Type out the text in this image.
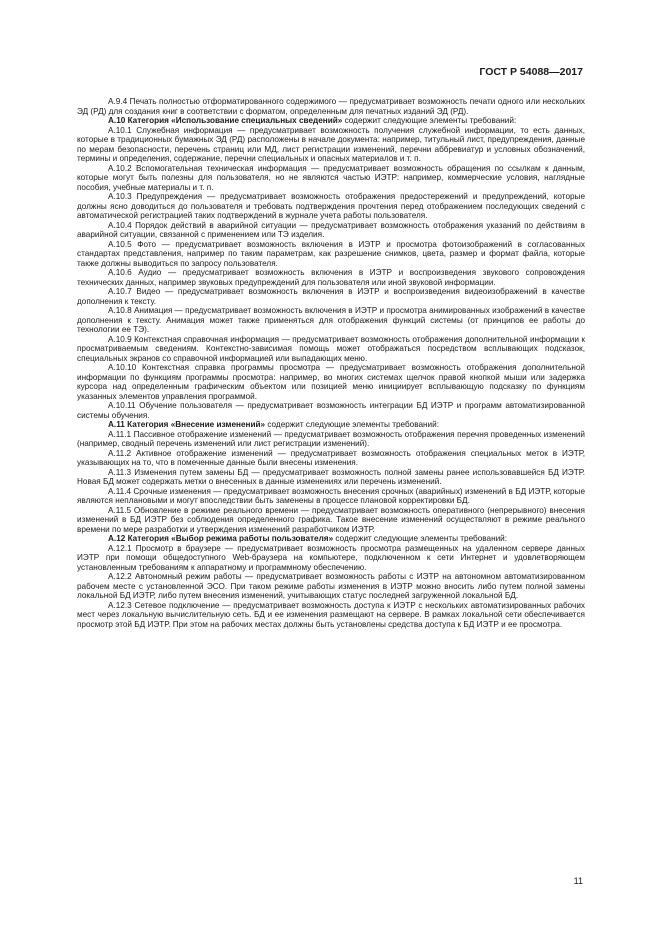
ГОСТ Р 54088—2017

А.9.4 Печать полностью отформатированного содержимого — предусматривает возможность печати одного или нескольких ЭД (РД) для создания книг в соответствии с форматом, определенным для печатных изданий ЭД (РД).

А.10 Категория «Использование специальных сведений» содержит следующие элементы требований:

А.10.1 Служебная информация — предусматривает возможность получения служебной информации, то есть данных, которые в традиционных бумажных ЭД (РД) расположены в начале документа: например, титульный лист, предупреждения, данные по мерам безопасности, перечень страниц или МД, лист регистрации изменений, перечни аббревиатур и условных обозначений, термины и определения, содержание, перечни специальных и опасных материалов и т. п.

А.10.2 Вспомогательная техническая информация — предусматривает возможность обращения по ссылкам к данным, которые могут быть полезны для пользователя, но не являются частью ИЭТР: например, коммерческие условия, наглядные пособия, учебные материалы и т. п.

А.10.3 Предупреждения — предусматривает возможность отображения предостережений и предупреждений, которые должны ясно доводиться до пользователя и требовать подтверждения прочтения перед отображением последующих сведений с автоматической регистрацией таких подтверждений в журнале учета работы пользователя.

А.10.4 Порядок действий в аварийной ситуации — предусматривает возможность отображения указаний по действиям в аварийной ситуации, связанной с применением или ТЭ изделия.

А.10.5 Фото — предусматривает возможность включения в ИЭТР и просмотра фотоизображений в согласованных стандартах представления, например по таким параметрам, как разрешение снимков, цвета, размер и формат файла, которые также должны выводиться по запросу пользователя.

А.10.6 Аудио — предусматривает возможность включения в ИЭТР и воспроизведения звукового сопровождения технических данных, например звуковых предупреждений для пользователя или иной звуковой информации.

А.10.7 Видео — предусматривает возможность включения в ИЭТР и воспроизведения видеоизображений в качестве дополнения к тексту.

А.10.8 Анимация — предусматривает возможность включения в ИЭТР и просмотра анимированных изображений в качестве дополнения к тексту. Анимация может также применяться для отображения функций системы (от принципов ее работы до технологии ее ТЭ).

А.10.9 Контекстная справочная информация — предусматривает возможность отображения дополнительной информации к просматриваемым сведениям. Контекстно-зависимая помощь может отображаться посредством всплывающих подсказок, специальных экранов со справочной информацией или выпадающих меню.

А.10.10 Контекстная справка программы просмотра — предусматривает возможность отображения дополнительной информации по функциям программы просмотра: например, во многих системах щелчок правой кнопкой мыши или задержка курсора над определенным графическим объектом или позицией меню инициирует всплывающую подсказку по функциям указанных элементов управления программой.

А.10.11 Обучение пользователя — предусматривает возможность интеграции БД ИЭТР и программ автоматизированной системы обучения.

А.11 Категория «Внесение изменений» содержит следующие элементы требований:

А.11.1 Пассивное отображение изменений — предусматривает возможность отображения перечня проведенных изменений (например, сводный перечень изменений или лист регистрации изменений).

А.11.2 Активное отображение изменений — предусматривает возможность отображения специальных меток в ИЭТР, указывающих на то, что в помеченные данные были внесены изменения.

А.11.3 Изменения путем замены БД — предусматривает возможность полной замены ранее использовавшейся БД ИЭТР. Новая БД может содержать метки о внесенных в данные изменениях или перечень изменений.

А.11.4 Срочные изменения — предусматривает возможность внесения срочных (аварийных) изменений в БД ИЭТР, которые являются неплановыми и могут впоследствии быть заменены в процессе плановой корректировки БД.

А.11.5 Обновление в режиме реального времени — предусматривает возможность оперативного (непрерывного) внесения изменений в БД ИЭТР без соблюдения определенного графика. Такое внесение изменений осуществляют в режиме реального времени по мере разработки и утверждения изменений разработчиком ИЭТР.

А.12 Категория «Выбор режима работы пользователя» содержит следующие элементы требований:

А.12.1 Просмотр в браузере — предусматривает возможность просмотра размещенных на удаленном сервере данных ИЭТР при помощи общедоступного Web-браузера на компьютере, подключенном к сети Интернет и удовлетворяющем установленным требованиям к аппаратному и программному обеспечению.

А.12.2 Автономный режим работы — предусматривает возможность работы с ИЭТР на автономном автоматизированном рабочем месте с установленной ЭСО. При таком режиме работы изменения в ИЭТР можно вносить либо путем полной замены локальной БД ИЭТР, либо путем внесения изменений, учитывающих статус последней загруженной локальной БД.

А.12.3 Сетевое подключение — предусматривает возможность доступа к ИЭТР с нескольких автоматизированных рабочих мест через локальную вычислительную сеть. БД и ее изменения размещают на сервере. В рамках локальной сети обеспечивается просмотр этой БД ИЭТР. При этом на рабочих местах должны быть установлены средства доступа к БД ИЭТР и ее просмотра.

11
